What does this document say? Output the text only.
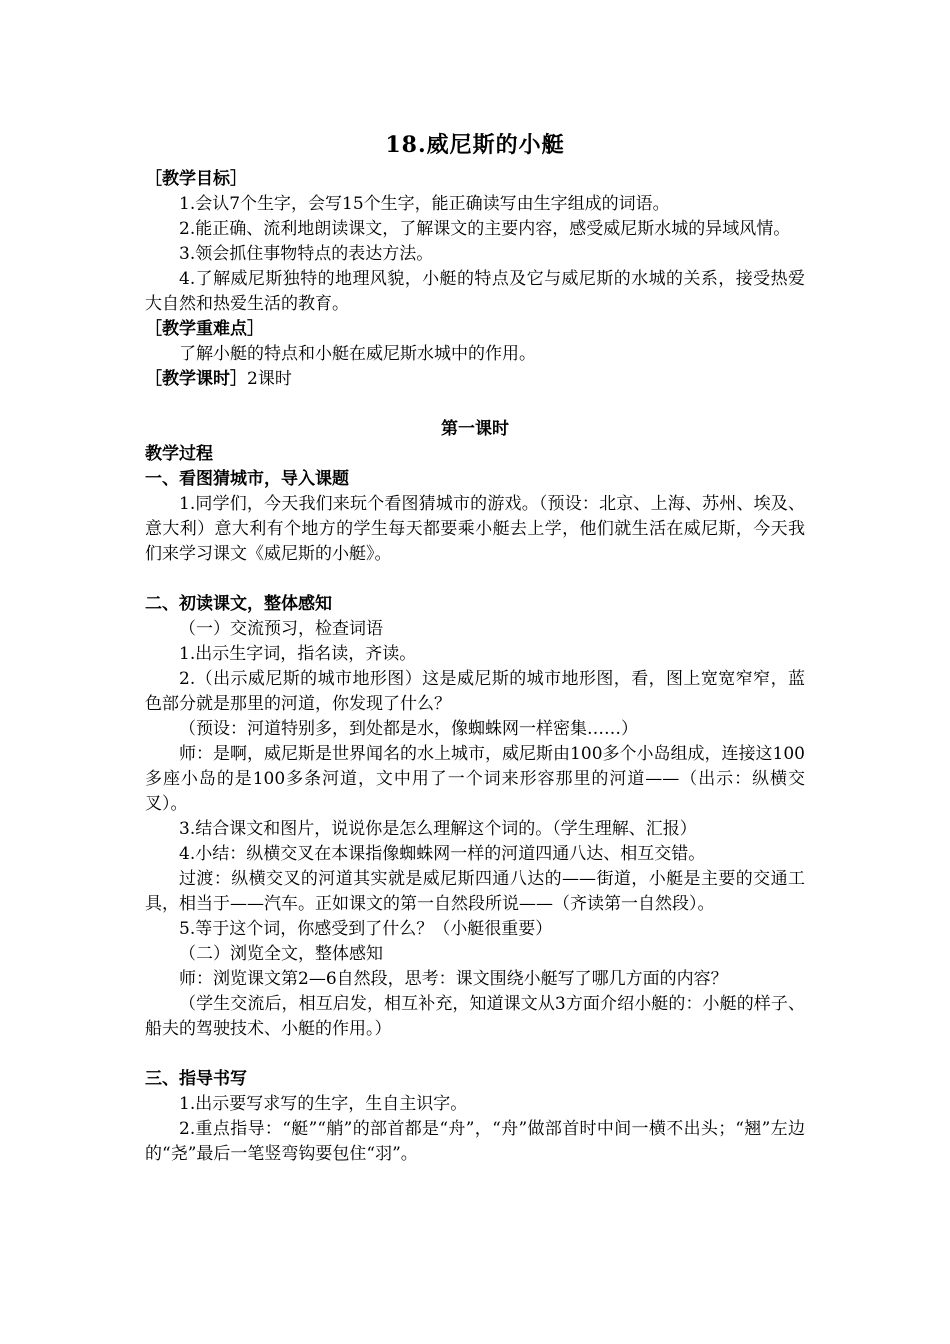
18.威尼斯的小艇
［教学目标］
1.会认7个生字，会写15个生字，能正确读写由生字组成的词语。
2.能正确、流利地朗读课文，了解课文的主要内容，感受威尼斯水城的异域风情。
3.领会抓住事物特点的表达方法。
4.了解威尼斯独特的地理风貌，小艇的特点及它与威尼斯的水城的关系，接受热爱大自然和热爱生活的教育。
［教学重难点］
了解小艇的特点和小艇在威尼斯水城中的作用。
［教学课时］2课时
第一课时
教学过程
一、看图猜城市，导入课题
1.同学们，今天我们来玩个看图猜城市的游戏。（预设：北京、上海、苏州、埃及、意大利）意大利有个地方的学生每天都要乘小艇去上学，他们就生活在威尼斯，今天我们来学习课文《威尼斯的小艇》。
二、初读课文，整体感知
（一）交流预习，检查词语
1.出示生字词，指名读，齐读。
2.（出示威尼斯的城市地形图）这是威尼斯的城市地形图，看，图上宽宽窄窄，蓝色部分就是那里的河道，你发现了什么？
（预设：河道特别多，到处都是水，像蜘蛛网一样密集……）
师：是啊，威尼斯是世界闻名的水上城市，威尼斯由100多个小岛组成，连接这100多座小岛的是100多条河道，文中用了一个词来形容那里的河道——（出示：纵横交叉）。
3.结合课文和图片，说说你是怎么理解这个词的。（学生理解、汇报）
4.小结：纵横交叉在本课指像蜘蛛网一样的河道四通八达、相互交错。
过渡：纵横交叉的河道其实就是威尼斯四通八达的——街道，小艇是主要的交通工具，相当于——汽车。正如课文的第一自然段所说——（齐读第一自然段）。
5.等于这个词，你感受到了什么？（小艇很重要）
（二）浏览全文，整体感知
师：浏览课文第2—6自然段，思考：课文围绕小艇写了哪几方面的内容？
（学生交流后，相互启发，相互补充，知道课文从3方面介绍小艇的：小艇的样子、船夫的驾驶技术、小艇的作用。）
三、指导书写
1.出示要写求写的生字，生自主识字。
2.重点指导：“艇”“艄”的部首都是“舟”，“舟”做部首时中间一横不出头；“翘”左边的“尧”最后一笔竖弯钩要包住“羽”。
